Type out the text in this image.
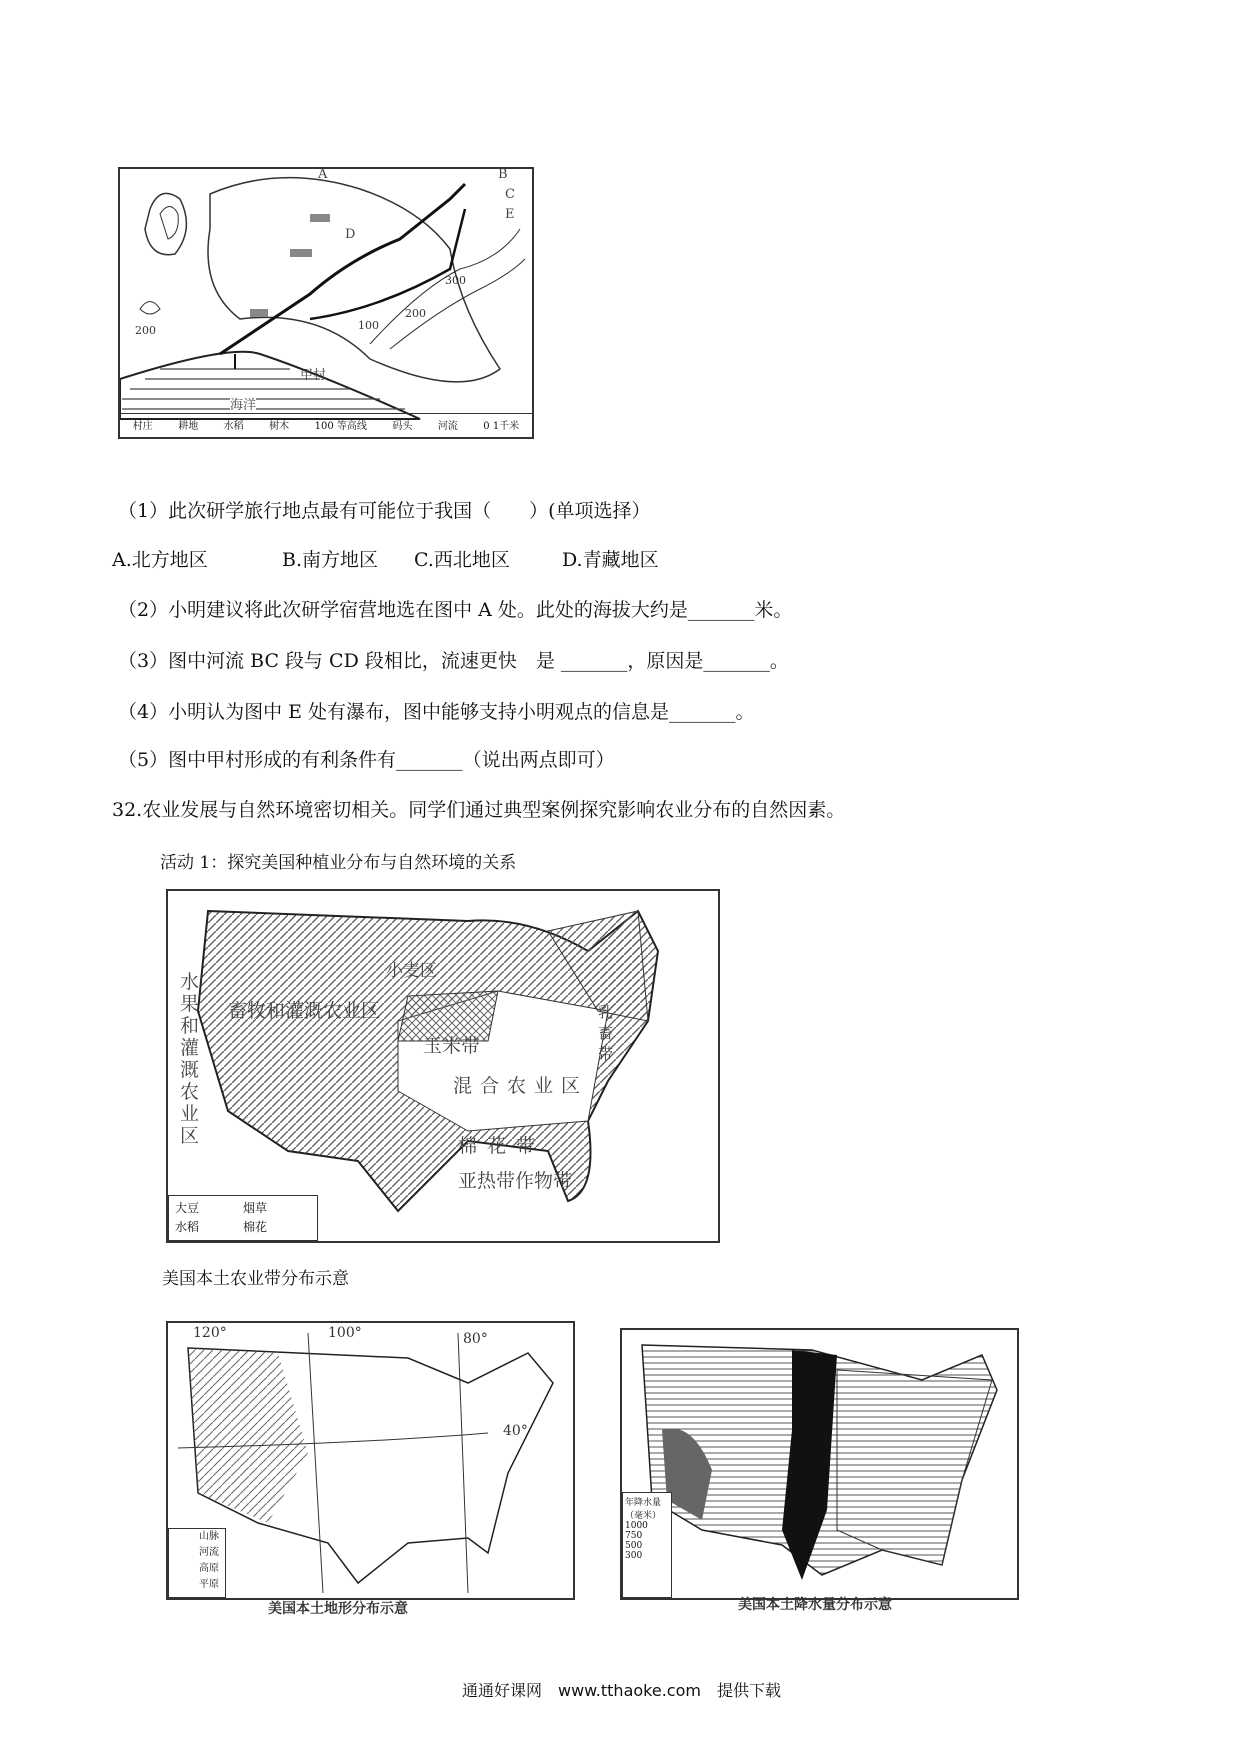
A	B
C
D
E
200
200
100
300
甲村
海洋
村庄	耕地	水稻	树木	100 等高线	码头	河流	0 1千米
（1）此次研学旅行地点最有可能位于我国（　　）(单项选择）
A.北方地区	B.南方地区 C.西北地区	D.青藏地区
（2）小明建议将此次研学宿营地选在图中 A 处。此处的海拔大约是_______米。
（3）图中河流 BC 段与 CD 段相比，流速更快　是 _______，原因是_______。
（4）小明认为图中 E 处有瀑布，图中能够支持小明观点的信息是_______。
（5）图中甲村形成的有利条件有_______（说出两点即可）
32.农业发展与自然环境密切相关。同学们通过典型案例探究影响农业分布的自然因素。
活动 1：探究美国种植业分布与自然环境的关系
小麦区
畜牧和灌溉农业区
玉米带
混合农业区
棉花带
亚热带作物带
水果和灌溉农业区
乳畜带
大豆	烟草
水稻	棉花
美国本土农业带分布示意
120°	100°	80°
40°
山脉
河流
高原
平原
美国本土地形分布示意
年降水量（毫米）
1000
750
500
300
美国本土降水量分布示意
通通好课网　www.tthaoke.com　提供下载
